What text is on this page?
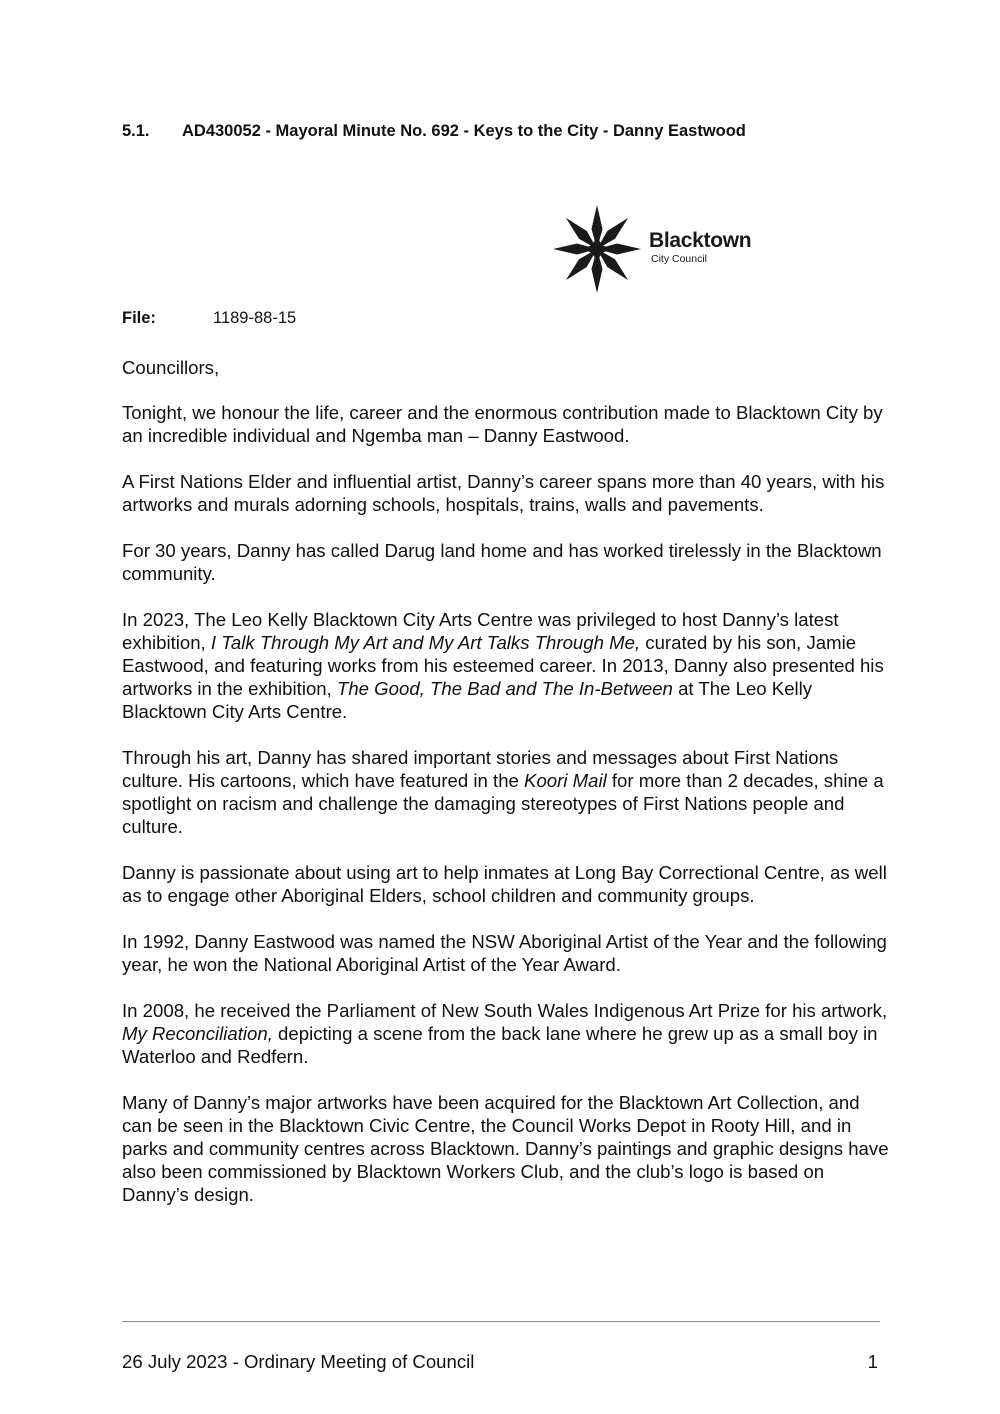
5.1. AD430052 - Mayoral Minute No. 692 - Keys to the City - Danny Eastwood
Blacktown
City Council
File:	1189-88-15

Councillors,

Tonight, we honour the life, career and the enormous contribution made to Blacktown City by an incredible individual and Ngemba man – Danny Eastwood.

A First Nations Elder and influential artist, Danny’s career spans more than 40 years, with his artworks and murals adorning schools, hospitals, trains, walls and pavements.

For 30 years, Danny has called Darug land home and has worked tirelessly in the Blacktown community.

In 2023, The Leo Kelly Blacktown City Arts Centre was privileged to host Danny’s latest exhibition, I Talk Through My Art and My Art Talks Through Me, curated by his son, Jamie Eastwood, and featuring works from his esteemed career. In 2013, Danny also presented his artworks in the exhibition, The Good, The Bad and The In-Between at The Leo Kelly Blacktown City Arts Centre.

Through his art, Danny has shared important stories and messages about First Nations culture. His cartoons, which have featured in the Koori Mail for more than 2 decades, shine a spotlight on racism and challenge the damaging stereotypes of First Nations people and culture.

Danny is passionate about using art to help inmates at Long Bay Correctional Centre, as well as to engage other Aboriginal Elders, school children and community groups.

In 1992, Danny Eastwood was named the NSW Aboriginal Artist of the Year and the following year, he won the National Aboriginal Artist of the Year Award.

In 2008, he received the Parliament of New South Wales Indigenous Art Prize for his artwork, My Reconciliation, depicting a scene from the back lane where he grew up as a small boy in Waterloo and Redfern.

Many of Danny’s major artworks have been acquired for the Blacktown Art Collection, and can be seen in the Blacktown Civic Centre, the Council Works Depot in Rooty Hill, and in parks and community centres across Blacktown. Danny’s paintings and graphic designs have also been commissioned by Blacktown Workers Club, and the club’s logo is based on Danny’s design.

26 July 2023 - Ordinary Meeting of Council	1
